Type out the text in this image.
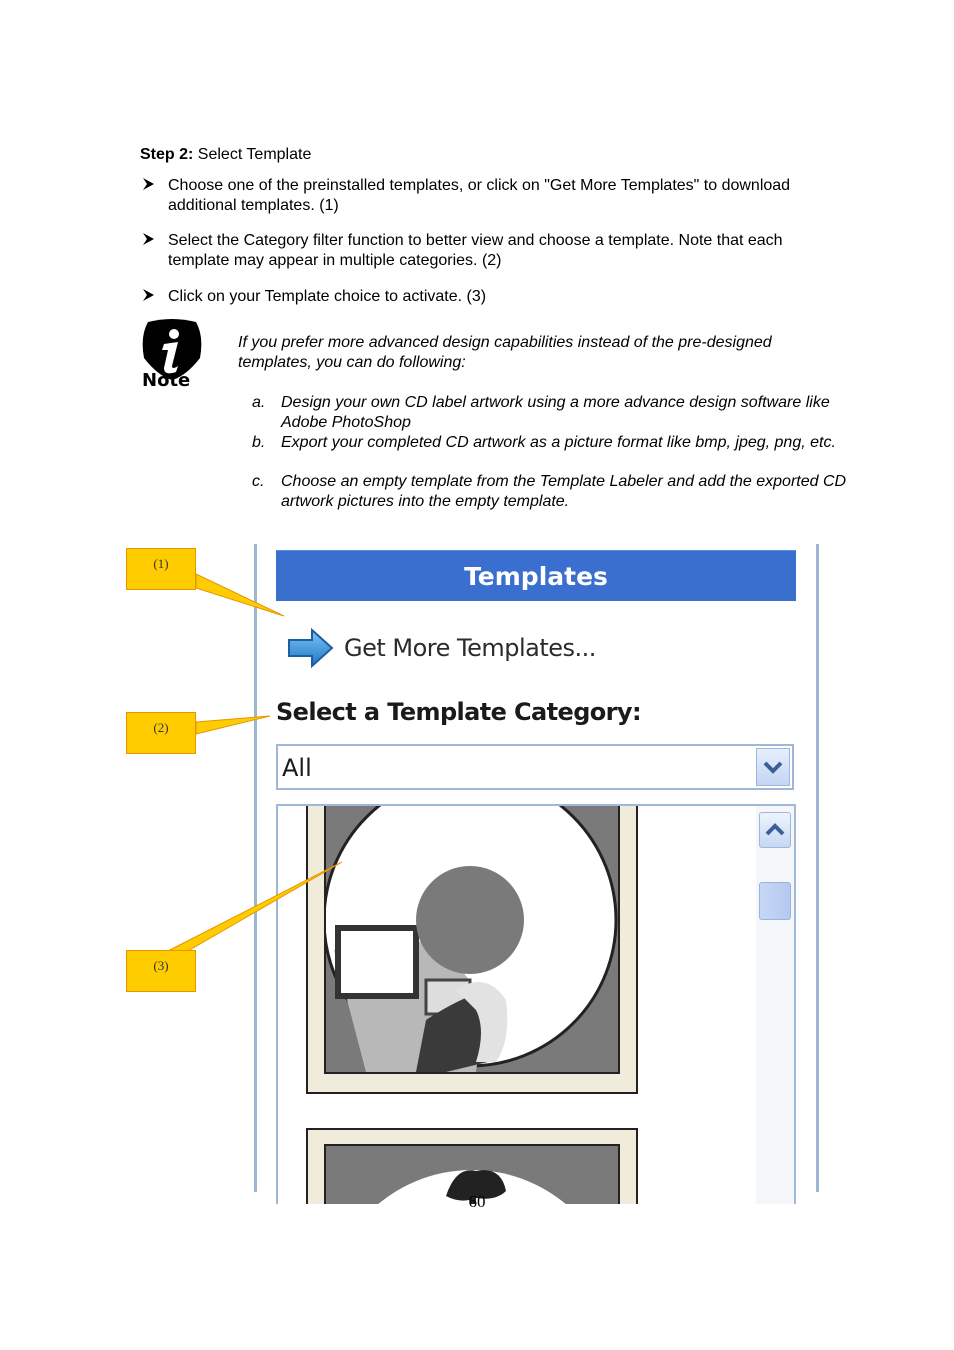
Step 2: Select Template
Choose one of the preinstalled templates, or click on "Get More Templates" to download additional templates. (1)
Select the Category filter function to better view and choose a template. Note that each template may appear in multiple categories. (2)
Click on your Template choice to activate. (3)
Note
If you prefer more advanced design capabilities instead of the pre-designed templates, you can do following:
a. Design your own CD label artwork using a more advance design software like Adobe PhotoShop
b. Export your completed CD artwork as a picture format like bmp, jpeg, png, etc.
c. Choose an empty template from the Template Labeler and add the exported CD artwork pictures into the empty template.
Templates
Get More Templates...
Select a Template Category:
All
(1)
(2)
(3)
60
